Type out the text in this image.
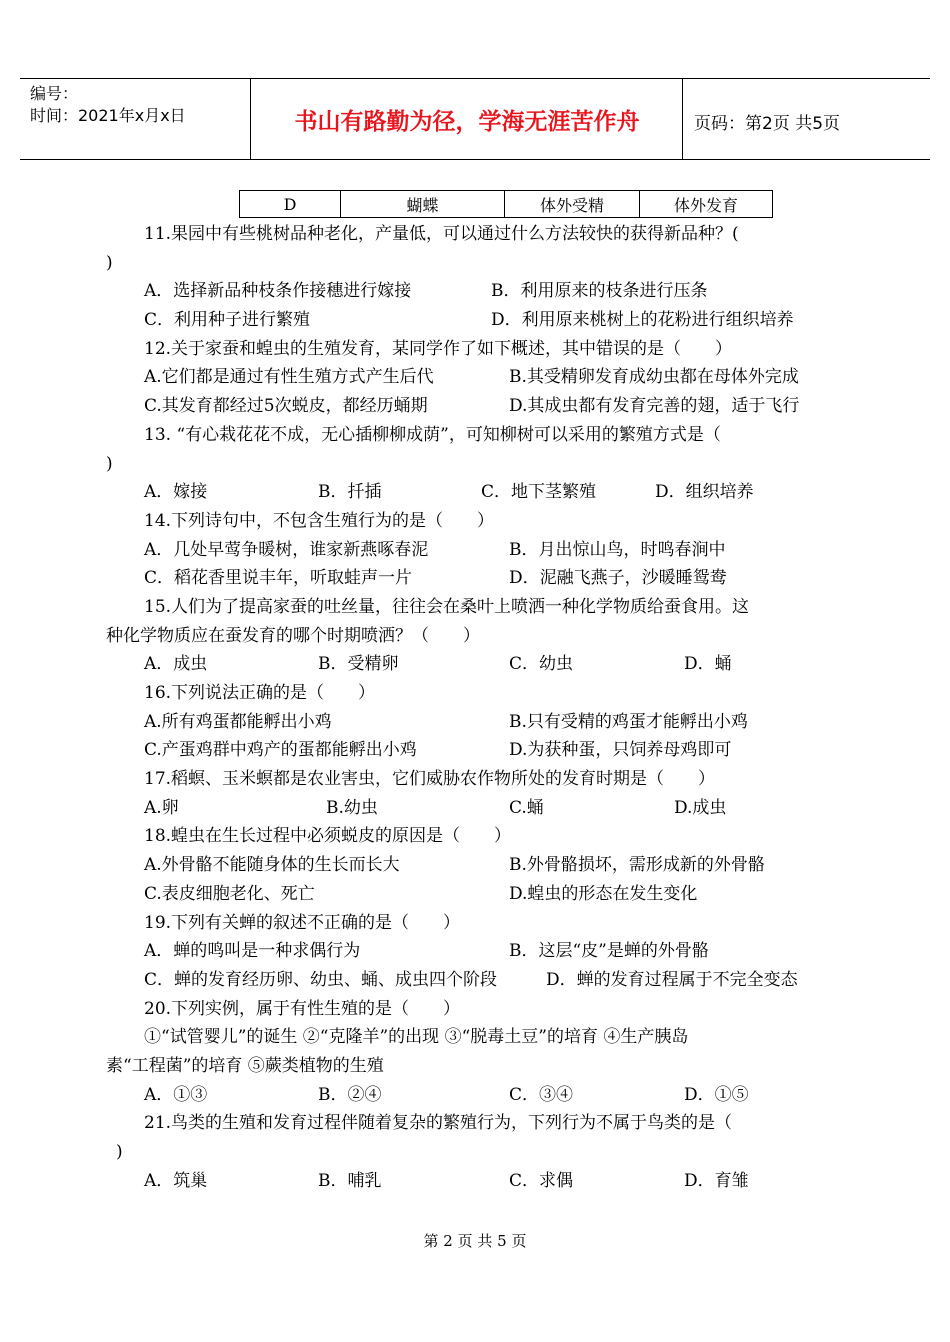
编号：
时间：2021年x月x日	书山有路勤为径，学海无涯苦作舟	页码：第2页 共5页
D	蝴蝶	体外受精	体外发育
11.果园中有些桃树品种老化，产量低，可以通过什么方法较快的获得新品种？(
)
A．选择新品种枝条作接穗进行嫁接	B．利用原来的枝条进行压条
C．利用种子进行繁殖	D．利用原来桃树上的花粉进行组织培养
12.关于家蚕和蝗虫的生殖发育，某同学作了如下概述，其中错误的是（　　）
A.它们都是通过有性生殖方式产生后代	B.其受精卵发育成幼虫都在母体外完成
C.其发育都经过5次蜕皮，都经历蛹期	D.其成虫都有发育完善的翅，适于飞行
13. “有心栽花花不成，无心插柳柳成荫”，可知柳树可以采用的繁殖方式是（
)
A．嫁接	B．扦插	C．地下茎繁殖	D．组织培养
14.下列诗句中，不包含生殖行为的是（　　）
A．几处早莺争暖树，谁家新燕啄春泥	B．月出惊山鸟，时鸣春涧中
C．稻花香里说丰年，听取蛙声一片	D．泥融飞燕子，沙暖睡鸳鸯
15.人们为了提高家蚕的吐丝量，往往会在桑叶上喷洒一种化学物质给蚕食用。这
种化学物质应在蚕发育的哪个时期喷洒？（　　）
A．成虫	B．受精卵	C．幼虫	D．蛹
16.下列说法正确的是（　　）
A.所有鸡蛋都能孵出小鸡	B.只有受精的鸡蛋才能孵出小鸡
C.产蛋鸡群中鸡产的蛋都能孵出小鸡	D.为获种蛋，只饲养母鸡即可
17.稻螟、玉米螟都是农业害虫，它们威胁农作物所处的发育时期是（　　）
A.卵	B.幼虫	C.蛹	D.成虫
18.蝗虫在生长过程中必须蜕皮的原因是（　　）
A.外骨骼不能随身体的生长而长大	B.外骨骼损坏，需形成新的外骨骼
C.表皮细胞老化、死亡	D.蝗虫的形态在发生变化
19.下列有关蝉的叙述不正确的是（　　）
A．蝉的鸣叫是一种求偶行为	B．这层“皮”是蝉的外骨骼
C．蝉的发育经历卵、幼虫、蛹、成虫四个阶段	D．蝉的发育过程属于不完全变态
20.下列实例，属于有性生殖的是（　　）
①“试管婴儿”的诞生 ②“克隆羊”的出现 ③“脱毒土豆”的培育 ④生产胰岛
素“工程菌”的培育 ⑤蕨类植物的生殖
A．①③	B．②④	C．③④	D．①⑤
21.鸟类的生殖和发育过程伴随着复杂的繁殖行为，下列行为不属于鸟类的是（
)
A．筑巢	B．哺乳	C．求偶	D．育雏
第 2 页 共 5 页
